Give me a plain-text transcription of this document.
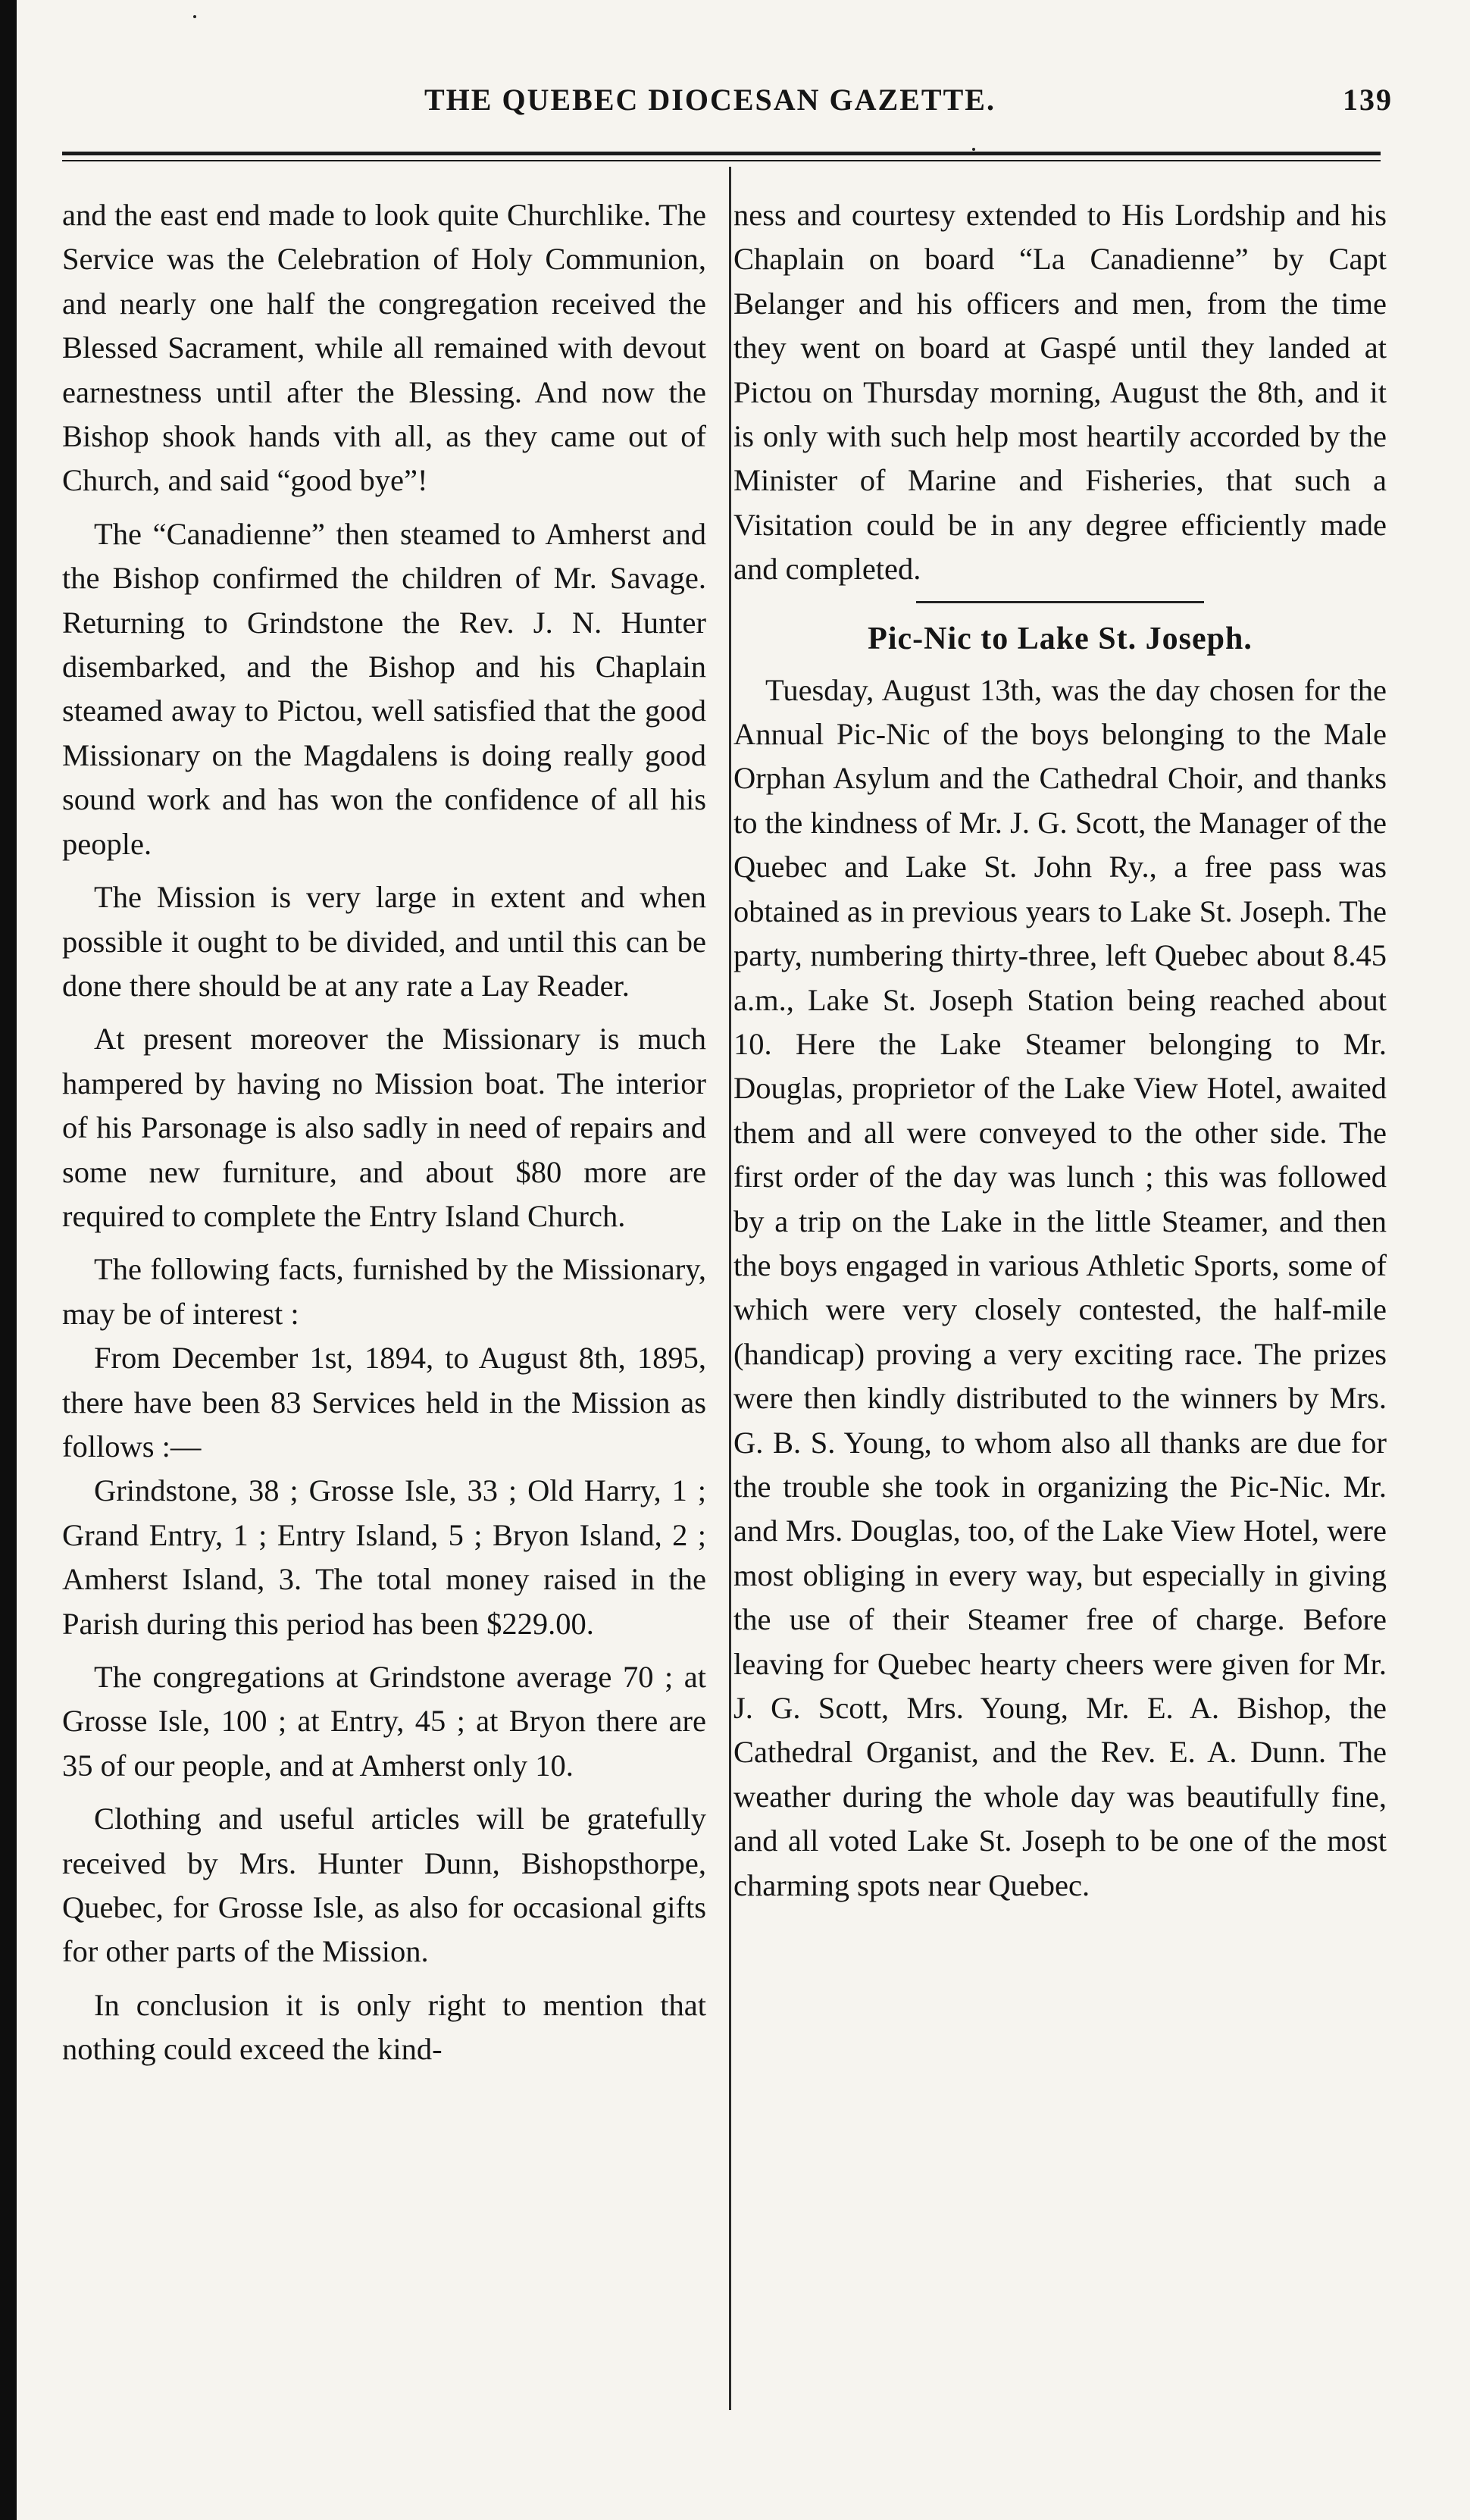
THE QUEBEC DIOCESAN GAZETTE.	139

and the east end made to look quite Churchlike. The Service was the Celebration of Holy Communion, and nearly one half the congregation received the Blessed Sacrament, while all remained with devout earnestness until after the Blessing. And now the Bishop shook hands vith all, as they came out of Church, and said “good bye”!

The “Canadienne” then steamed to Amherst and the Bishop confirmed the children of Mr. Savage. Returning to Grindstone the Rev. J. N. Hunter disembarked, and the Bishop and his Chaplain steamed away to Pictou, well satisfied that the good Missionary on the Magdalens is doing really good sound work and has won the confidence of all his people.

The Mission is very large in extent and when possible it ought to be divided, and until this can be done there should be at any rate a Lay Reader.

At present moreover the Missionary is much hampered by having no Mission boat. The interior of his Parsonage is also sadly in need of repairs and some new furniture, and about $80 more are required to complete the Entry Island Church.

The following facts, furnished by the Missionary, may be of interest :

From December 1st, 1894, to August 8th, 1895, there have been 83 Services held in the Mission as follows :—

Grindstone, 38 ; Grosse Isle, 33 ; Old Harry, 1 ; Grand Entry, 1 ; Entry Island, 5 ; Bryon Island, 2 ; Amherst Island, 3. The total money raised in the Parish during this period has been $229.00.

The congregations at Grindstone average 70 ; at Grosse Isle, 100 ; at Entry, 45 ; at Bryon there are 35 of our people, and at Amherst only 10.

Clothing and useful articles will be gratefully received by Mrs. Hunter Dunn, Bishopsthorpe, Quebec, for Grosse Isle, as also for occasional gifts for other parts of the Mission.

In conclusion it is only right to mention that nothing could exceed the kind-

ness and courtesy extended to His Lordship and his Chaplain on board “La Canadienne” by Capt Belanger and his officers and men, from the time they went on board at Gaspé until they landed at Pictou on Thursday morning, August the 8th, and it is only with such help most heartily accorded by the Minister of Marine and Fisheries, that such a Visitation could be in any degree efficiently made and completed.

Pic-Nic to Lake St. Joseph.

Tuesday, August 13th, was the day chosen for the Annual Pic-Nic of the boys belonging to the Male Orphan Asylum and the Cathedral Choir, and thanks to the kindness of Mr. J. G. Scott, the Manager of the Quebec and Lake St. John Ry., a free pass was obtained as in previous years to Lake St. Joseph. The party, numbering thirty-three, left Quebec about 8.45 a.m., Lake St. Joseph Station being reached about 10. Here the Lake Steamer belonging to Mr. Douglas, proprietor of the Lake View Hotel, awaited them and all were conveyed to the other side. The first order of the day was lunch ; this was followed by a trip on the Lake in the little Steamer, and then the boys engaged in various Athletic Sports, some of which were very closely contested, the half-mile (handicap) proving a very exciting race. The prizes were then kindly distributed to the winners by Mrs. G. B. S. Young, to whom also all thanks are due for the trouble she took in organizing the Pic-Nic. Mr. and Mrs. Douglas, too, of the Lake View Hotel, were most obliging in every way, but especially in giving the use of their Steamer free of charge. Before leaving for Quebec hearty cheers were given for Mr. J. G. Scott, Mrs. Young, Mr. E. A. Bishop, the Cathedral Organist, and the Rev. E. A. Dunn. The weather during the whole day was beautifully fine, and all voted Lake St. Joseph to be one of the most charming spots near Quebec.
